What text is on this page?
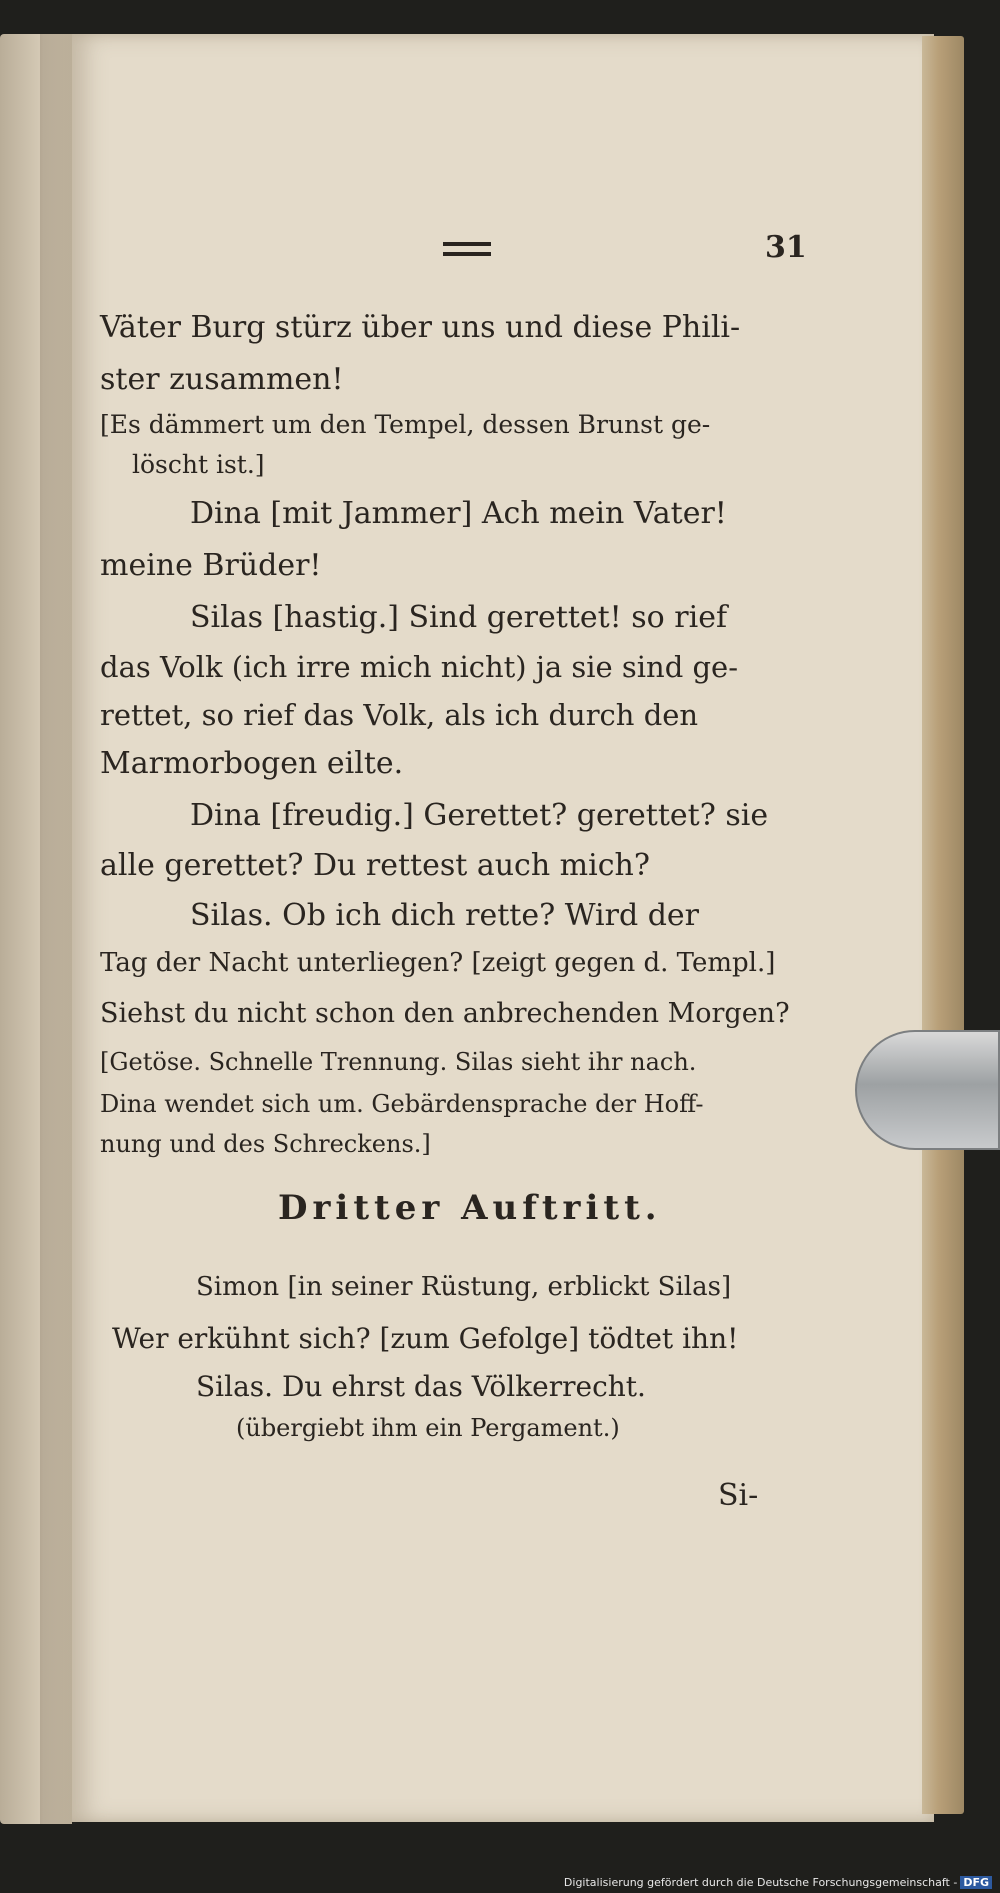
31
Väter Burg stürz über uns und diese Phili-
ster zusammen!
[Es dämmert um den Tempel, dessen Brunst ge-
löscht ist.]
Dina [mit Jammer] Ach mein Vater!
meine Brüder!
Silas [hastig.] Sind gerettet! so rief
das Volk (ich irre mich nicht) ja sie sind ge-
rettet, so rief das Volk, als ich durch den
Marmorbogen eilte.
Dina [freudig.] Gerettet? gerettet? sie
alle gerettet? Du rettest auch mich?
Silas. Ob ich dich rette? Wird der
Tag der Nacht unterliegen? [zeigt gegen d. Templ.]
Siehst du nicht schon den anbrechenden Morgen?
[Getöse. Schnelle Trennung. Silas sieht ihr nach.
Dina wendet sich um. Gebärdensprache der Hoff-
nung und des Schreckens.]
Dritter Auftritt.
Simon [in seiner Rüstung, erblickt Silas]
Wer erkühnt sich? [zum Gefolge] tödtet ihn!
Silas. Du ehrst das Völkerrecht.
(übergiebt ihm ein Pergament.)
Si-
Digitalisierung gefördert durch die Deutsche Forschungsgemeinschaft - DFG
